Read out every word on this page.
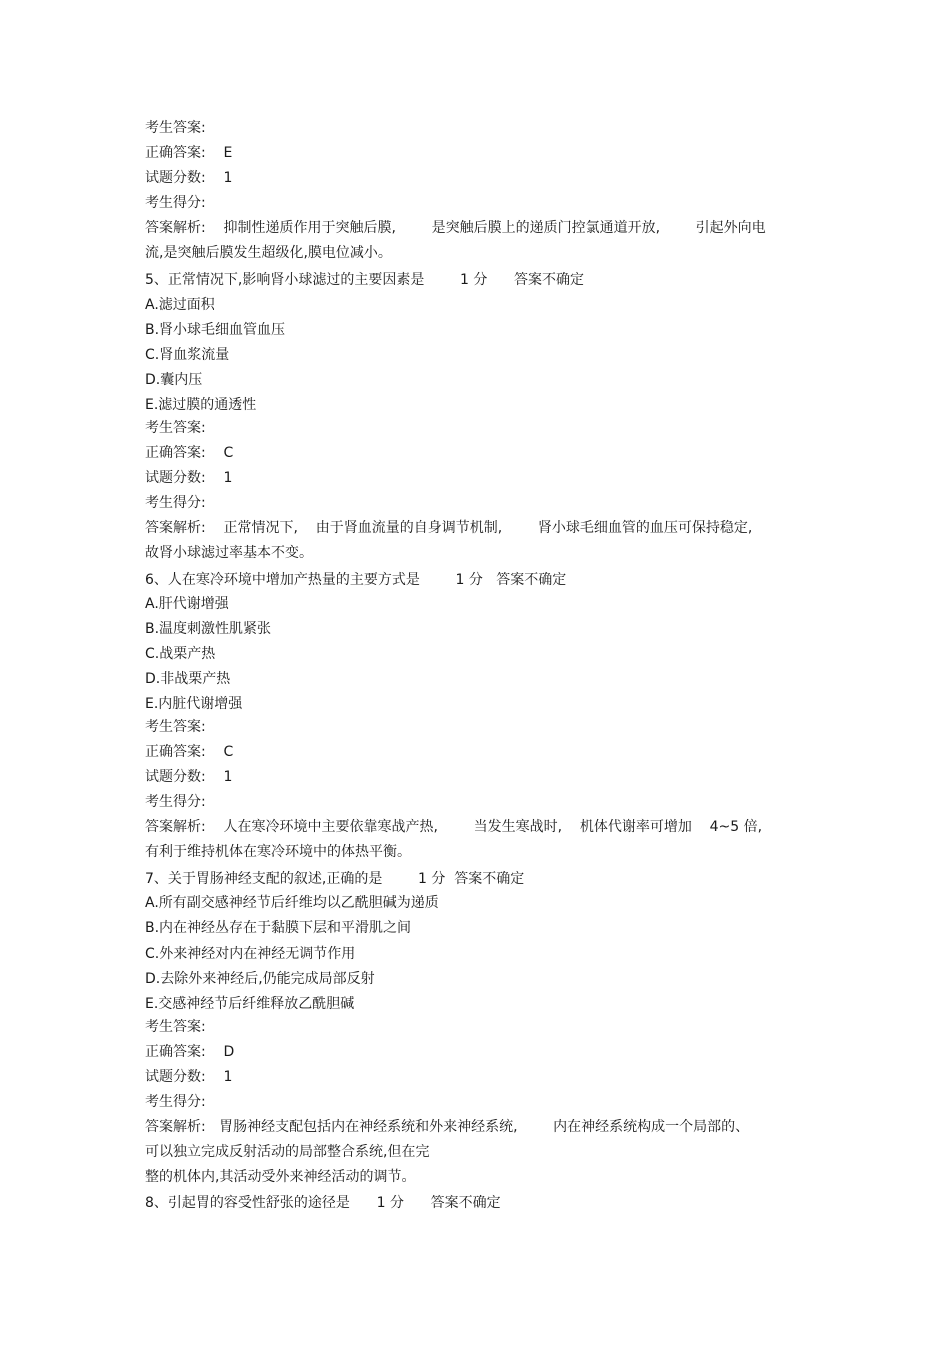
考生答案:
正确答案:    E
试题分数:    1
考生得分:
答案解析:    抑制性递质作用于突触后膜,        是突触后膜上的递质门控氯通道开放,        引起外向电
流,是突触后膜发生超级化,膜电位减小。
5、正常情况下,影响肾小球滤过的主要因素是        1 分      答案不确定
A.滤过面积
B.肾小球毛细血管血压
C.肾血浆流量
D.囊内压
E.滤过膜的通透性
考生答案:
正确答案:    C
试题分数:    1
考生得分:
答案解析:    正常情况下,    由于肾血流量的自身调节机制,        肾小球毛细血管的血压可保持稳定,
故肾小球滤过率基本不变。
6、人在寒冷环境中增加产热量的主要方式是        1 分   答案不确定
A.肝代谢增强
B.温度刺激性肌紧张
C.战栗产热
D.非战栗产热
E.内脏代谢增强
考生答案:
正确答案:    C
试题分数:    1
考生得分:
答案解析:    人在寒冷环境中主要依靠寒战产热,        当发生寒战时,    机体代谢率可增加    4~5 倍,
有利于维持机体在寒冷环境中的体热平衡。
7、关于胃肠神经支配的叙述,正确的是        1 分  答案不确定
A.所有副交感神经节后纤维均以乙酰胆碱为递质
B.内在神经丛存在于黏膜下层和平滑肌之间
C.外来神经对内在神经无调节作用
D.去除外来神经后,仍能完成局部反射
E.交感神经节后纤维释放乙酰胆碱
考生答案:
正确答案:    D
试题分数:    1
考生得分:
答案解析:   胃肠神经支配包括内在神经系统和外来神经系统,        内在神经系统构成一个局部的、
可以独立完成反射活动的局部整合系统,但在完
整的机体内,其活动受外来神经活动的调节。
8、引起胃的容受性舒张的途径是      1 分      答案不确定
